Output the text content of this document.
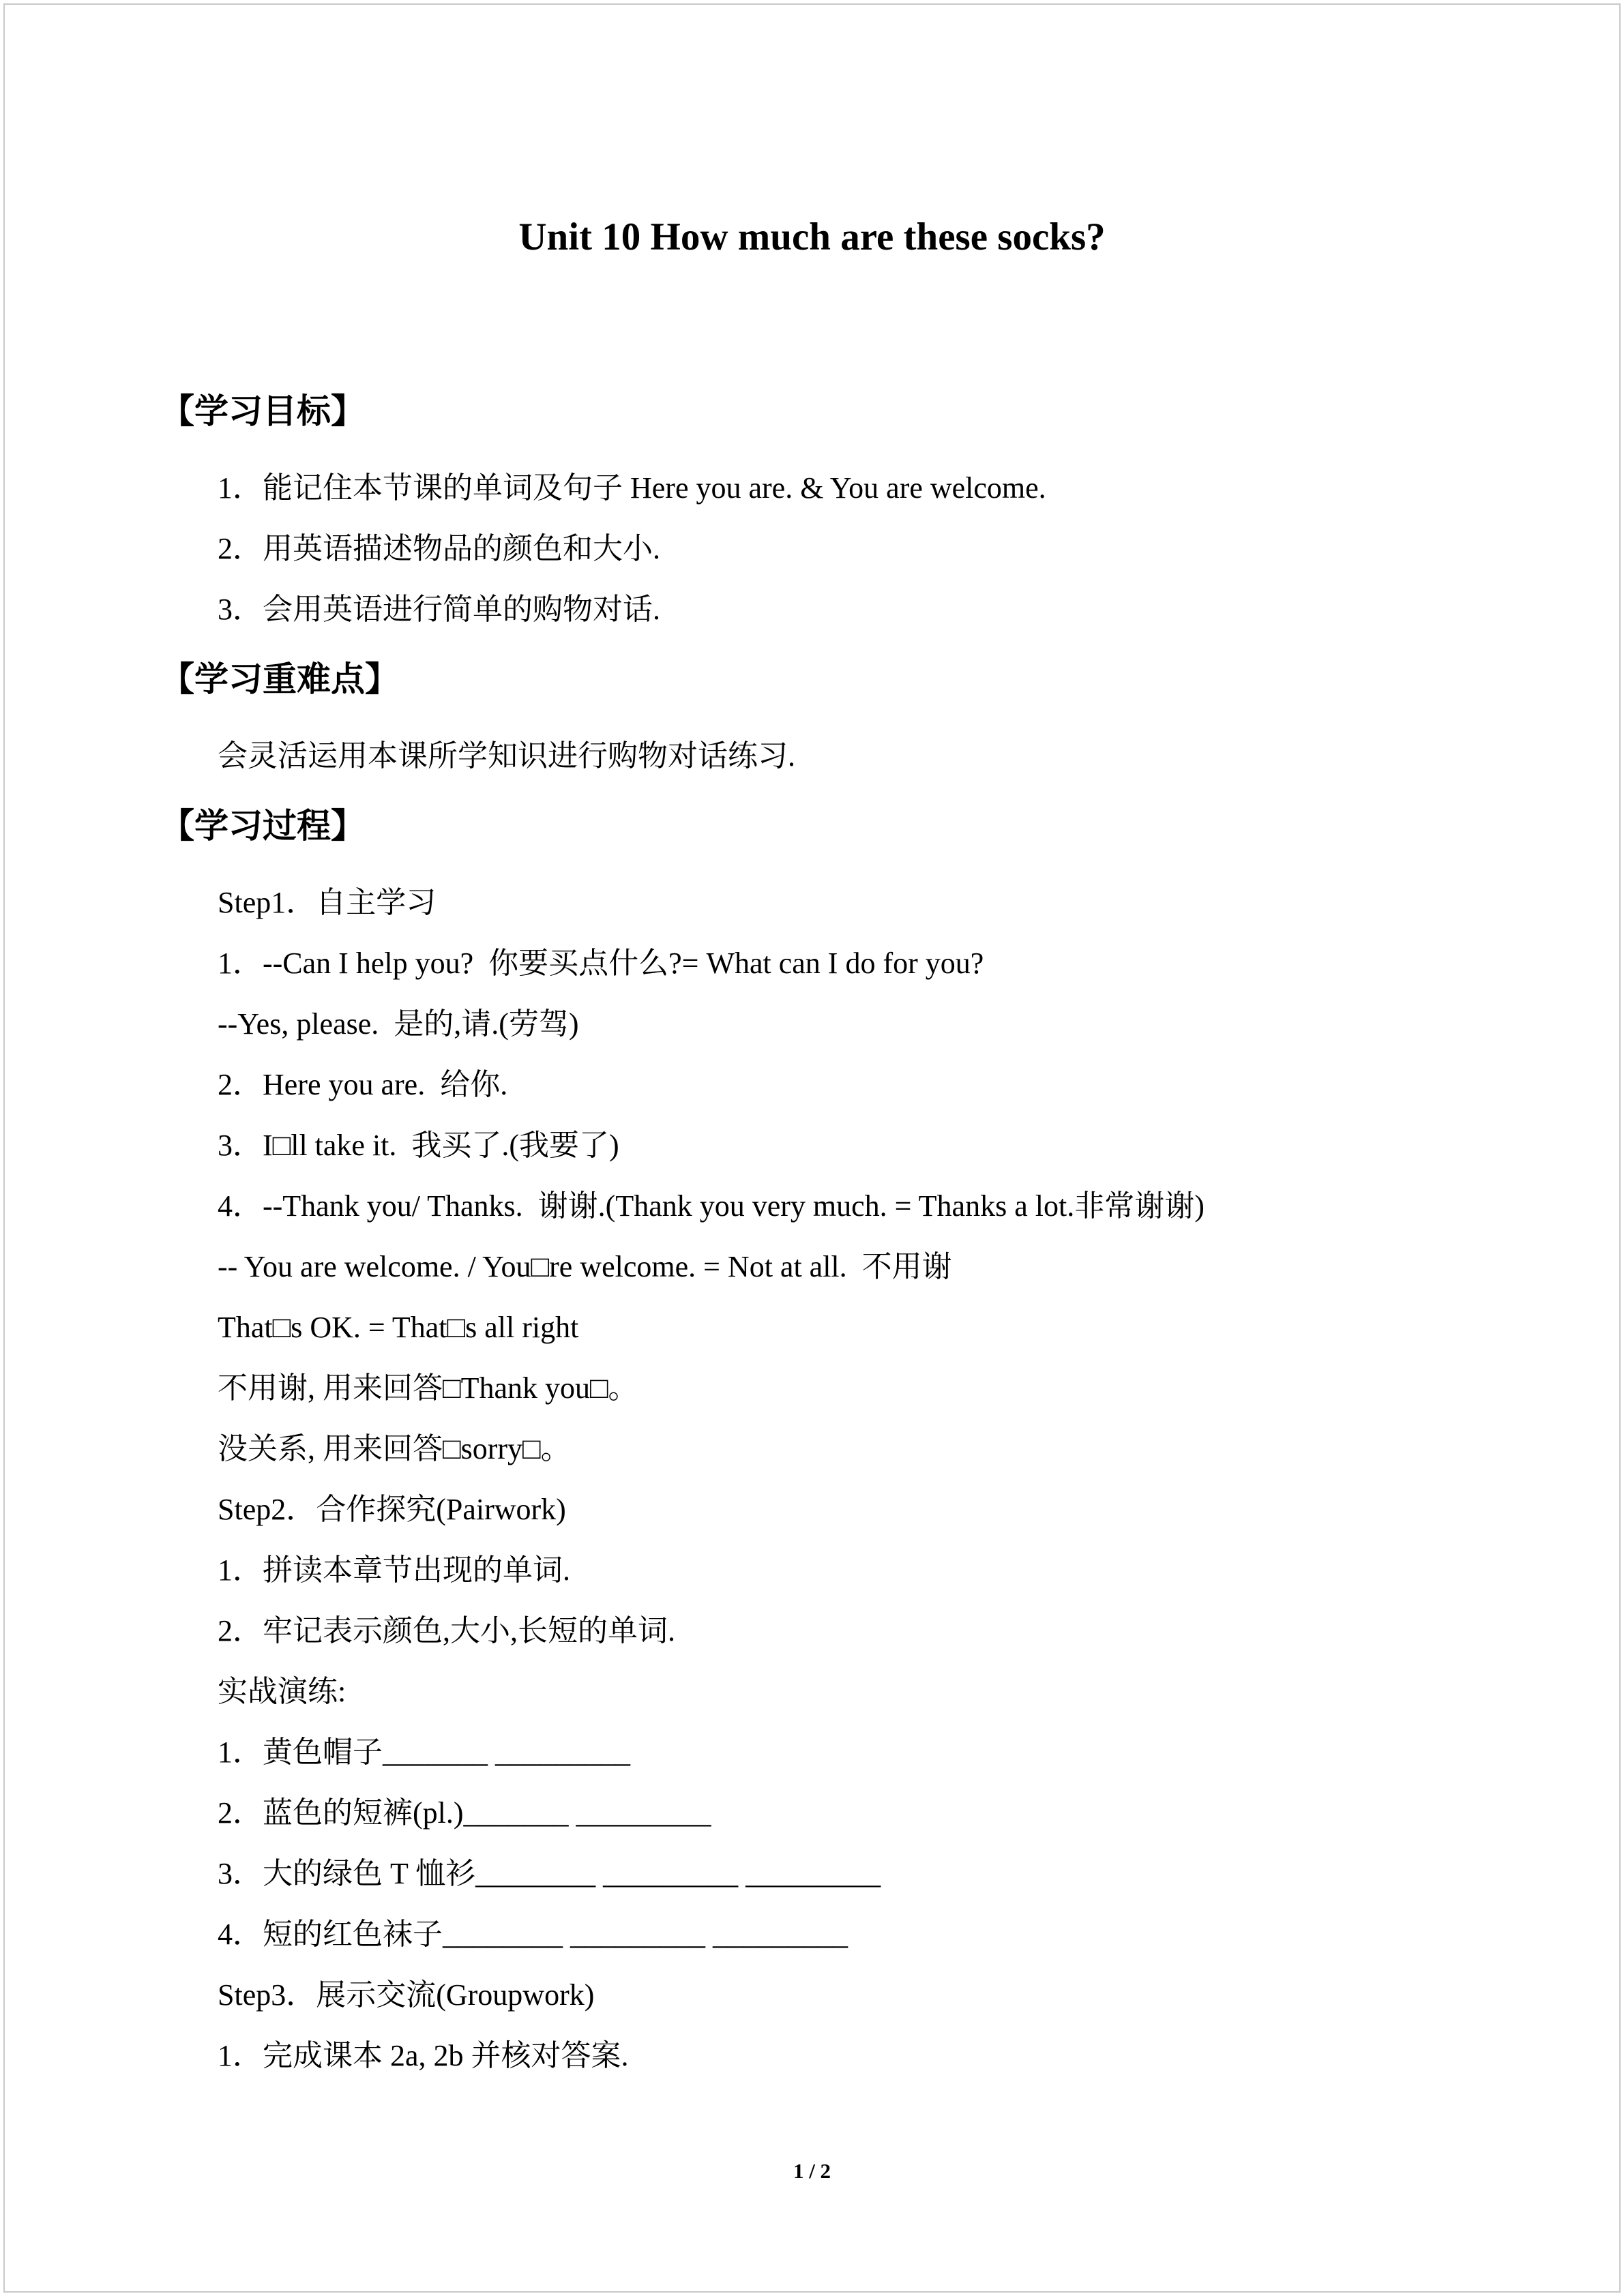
Unit 10 How much are these socks?
【学习目标】

1．能记住本节课的单词及句子 Here you are. & You are welcome.

2．用英语描述物品的颜色和大小.

3．会用英语进行简单的购物对话.

【学习重难点】

会灵活运用本课所学知识进行购物对话练习.

【学习过程】

Step1．自主学习

1．--Can I help you?  你要买点什么?= What can I do for you?

--Yes, please.  是的,请.(劳驾)

2．Here you are.  给你.

3．I□ll take it.  我买了.(我要了)

4．--Thank you/ Thanks.  谢谢.(Thank you very much. = Thanks a lot.非常谢谢)

-- You are welcome. / You□re welcome. = Not at all.  不用谢

That□s OK. = That□s all right

不用谢, 用来回答□Thank you□。

没关系, 用来回答□sorry□。

Step2．合作探究(Pairwork)

1．拼读本章节出现的单词.

2．牢记表示颜色,大小,长短的单词.

实战演练:

1．黄色帽子_______ _________

2．蓝色的短裤(pl.)_______ _________

3．大的绿色 T 恤衫________ _________ _________

4．短的红色袜子________ _________ _________

Step3．展示交流(Groupwork)

1．完成课本 2a, 2b 并核对答案.

1 / 2
